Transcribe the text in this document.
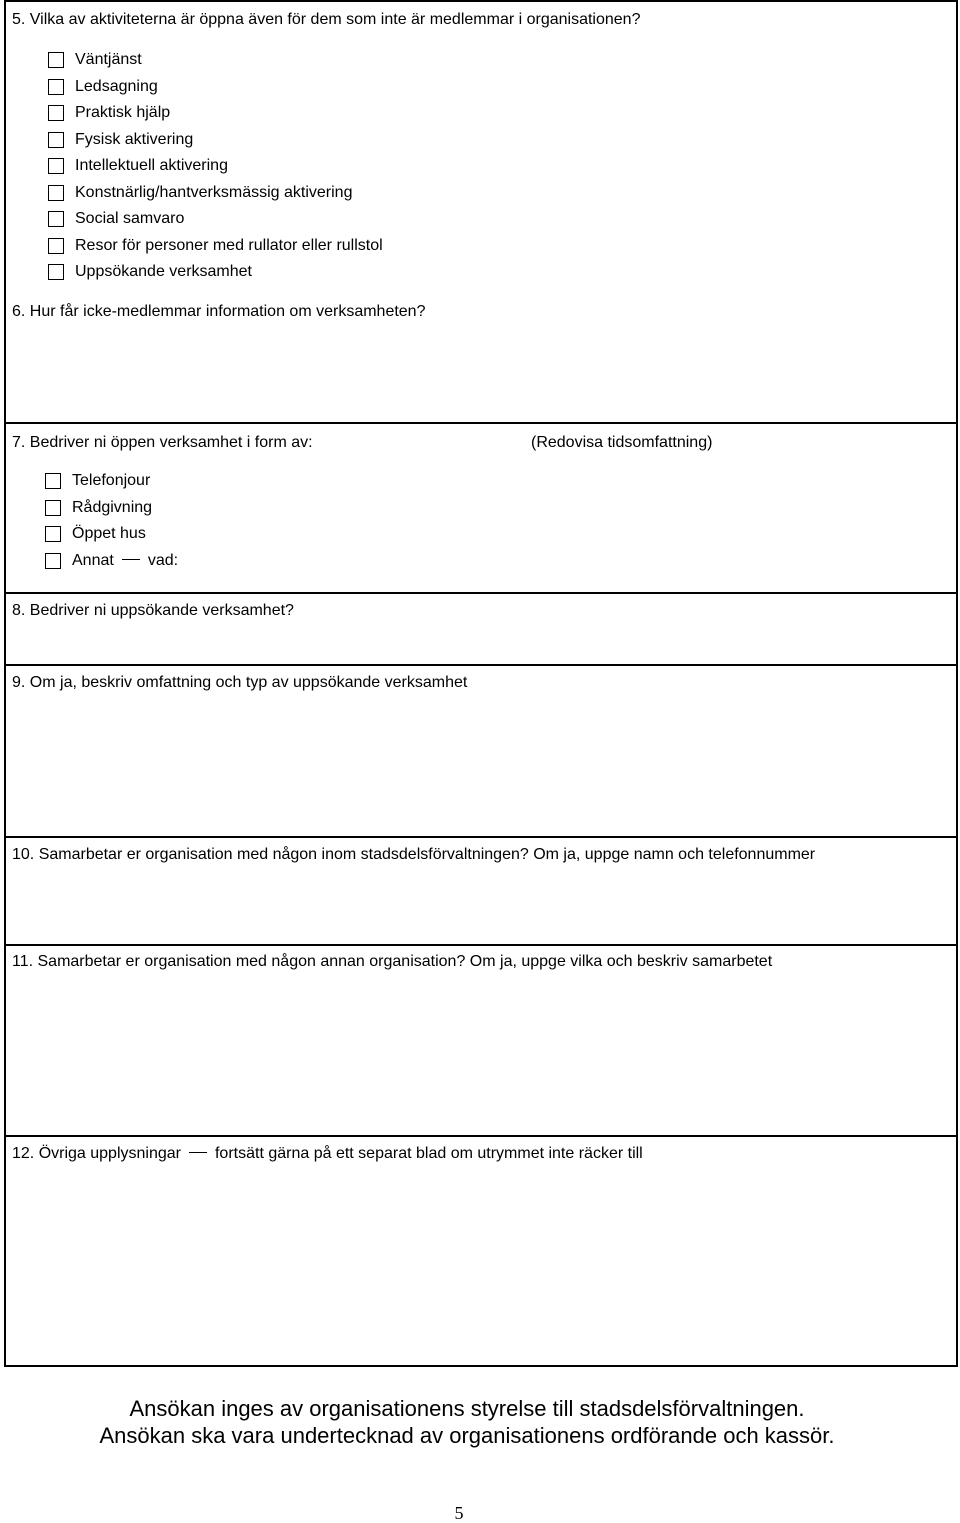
5. Vilka av aktiviteterna är öppna även för dem som inte är medlemmar i organisationen?
Väntjänst
Ledsagning
Praktisk hjälp
Fysisk aktivering
Intellektuell aktivering
Konstnärlig/hantverksmässig aktivering
Social samvaro
Resor för personer med rullator eller rullstol
Uppsökande verksamhet
6. Hur får icke-medlemmar information om verksamheten?
7. Bedriver ni öppen verksamhet i form av:	(Redovisa tidsomfattning)
Telefonjour
Rådgivning
Öppet hus
Annat vad:
8. Bedriver ni uppsökande verksamhet?
9. Om ja, beskriv omfattning och typ av uppsökande verksamhet
10. Samarbetar er organisation med någon inom stadsdelsförvaltningen? Om ja, uppge namn och telefonnummer
11. Samarbetar er organisation med någon annan organisation? Om ja, uppge vilka och beskriv samarbetet
12. Övriga upplysningar fortsätt gärna på ett separat blad om utrymmet inte räcker till
Ansökan inges av organisationens styrelse till stadsdelsförvaltningen.
Ansökan ska vara undertecknad av organisationens ordförande och kassör.
5
